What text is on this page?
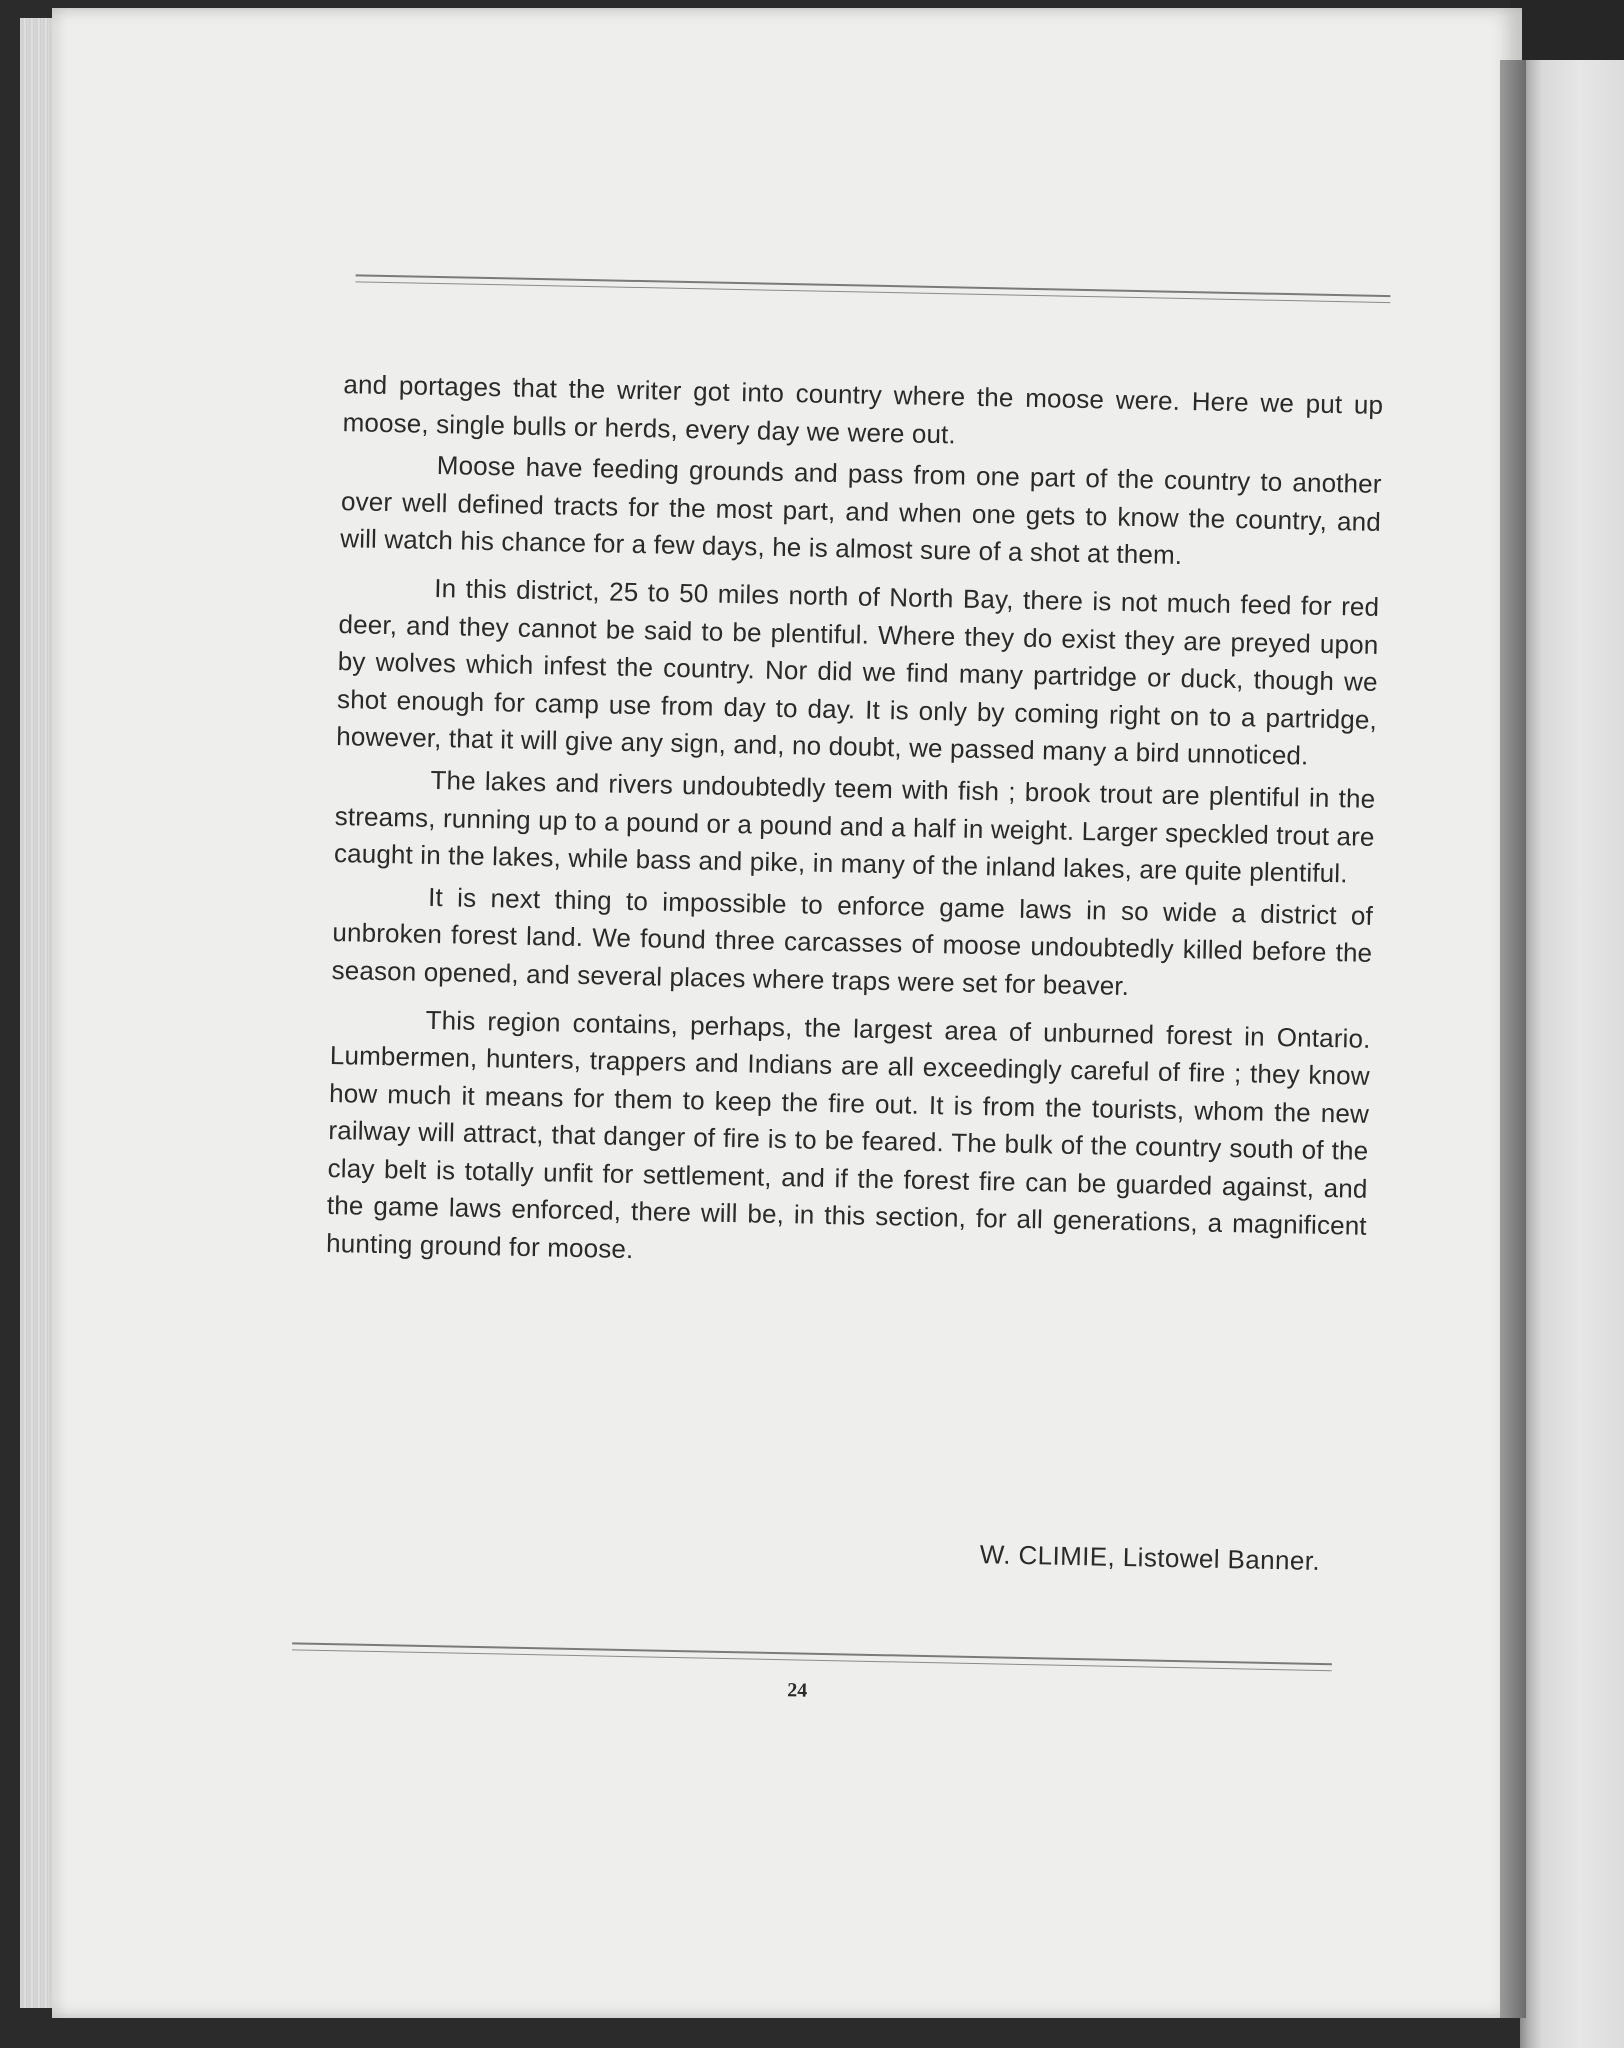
and portages that the writer got into country where the moose were. Here we put up moose, single bulls or herds, every day we were out.

Moose have feeding grounds and pass from one part of the country to another over well defined tracts for the most part, and when one gets to know the country, and will watch his chance for a few days, he is almost sure of a shot at them.

In this district, 25 to 50 miles north of North Bay, there is not much feed for red deer, and they cannot be said to be plentiful. Where they do exist they are preyed upon by wolves which infest the country. Nor did we find many partridge or duck, though we shot enough for camp use from day to day. It is only by coming right on to a partridge, however, that it will give any sign, and, no doubt, we passed many a bird unnoticed.

The lakes and rivers undoubtedly teem with fish ; brook trout are plentiful in the streams, running up to a pound or a pound and a half in weight. Larger speckled trout are caught in the lakes, while bass and pike, in many of the inland lakes, are quite plentiful.

It is next thing to impossible to enforce game laws in so wide a district of unbroken forest land. We found three carcasses of moose undoubtedly killed before the season opened, and several places where traps were set for beaver.

This region contains, perhaps, the largest area of unburned forest in Ontario. Lumbermen, hunters, trappers and Indians are all exceedingly careful of fire ; they know how much it means for them to keep the fire out. It is from the tourists, whom the new railway will attract, that danger of fire is to be feared. The bulk of the country south of the clay belt is totally unfit for settlement, and if the forest fire can be guarded against, and the game laws enforced, there will be, in this section, for all generations, a magnificent hunting ground for moose.

W. CLIMIE, Listowel Banner.
24
